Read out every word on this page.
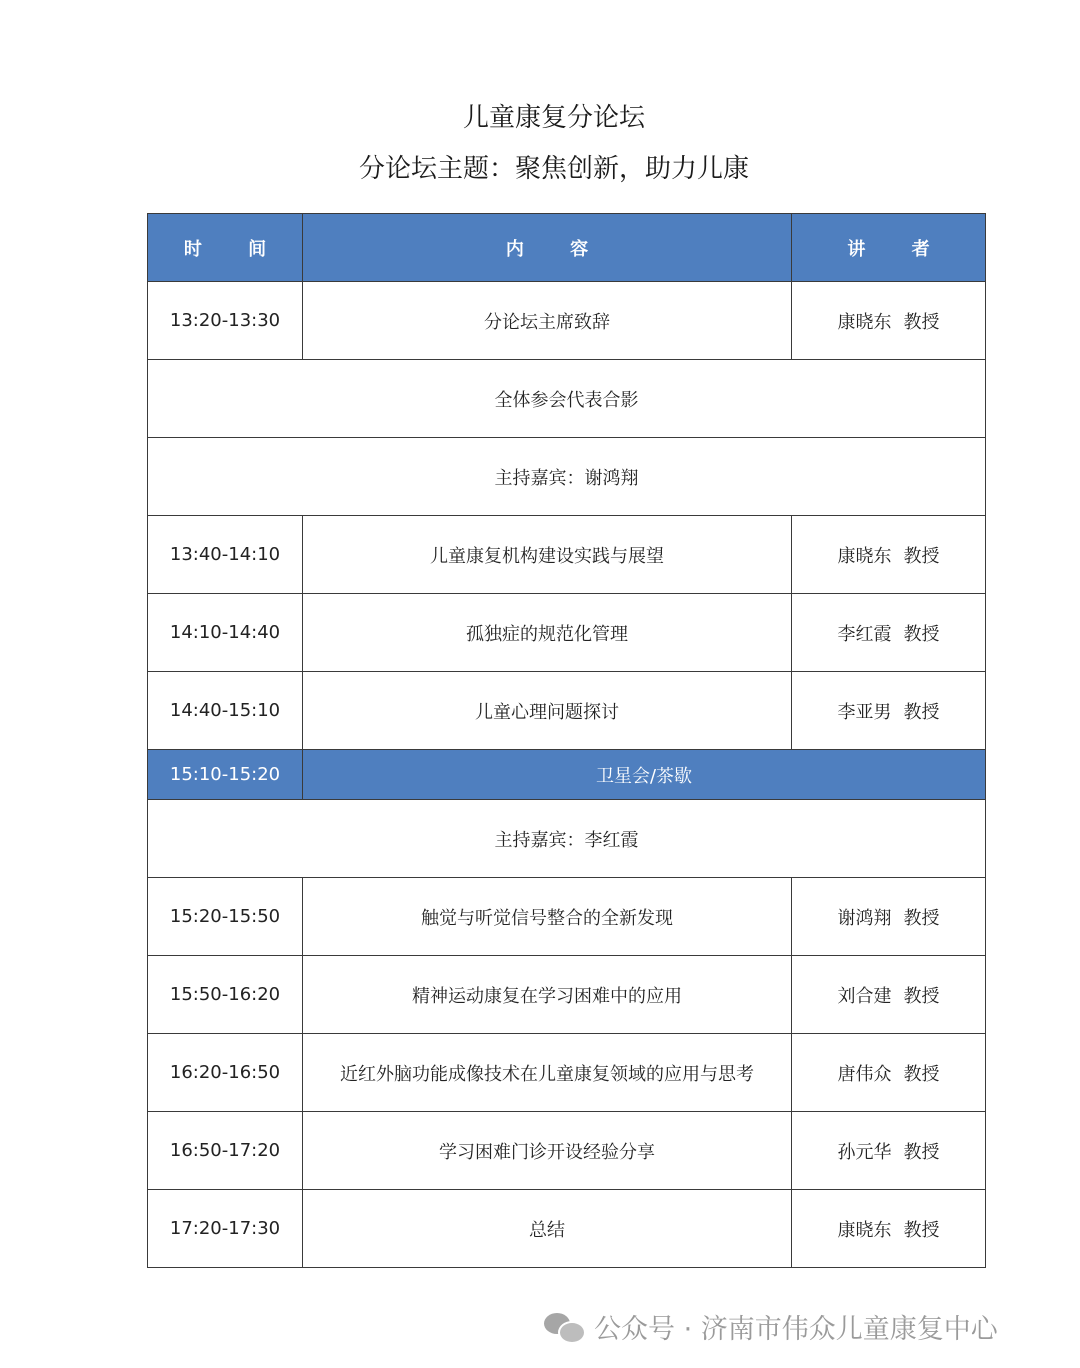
儿童康复分论坛
分论坛主题：聚焦创新，助力儿康
时 间	内 容	讲 者
13:20-13:30	分论坛主席致辞	康晓东 教授
全体参会代表合影		
主持嘉宾：谢鸿翔		
13:40-14:10	儿童康复机构建设实践与展望	康晓东 教授
14:10-14:40	孤独症的规范化管理	李红霞 教授
14:40-15:10	儿童心理问题探讨	李亚男 教授
15:10-15:20	卫星会/茶歇	
主持嘉宾：李红霞		
15:20-15:50	触觉与听觉信号整合的全新发现	谢鸿翔 教授
15:50-16:20	精神运动康复在学习困难中的应用	刘合建 教授
16:20-16:50	近红外脑功能成像技术在儿童康复领域的应用与思考	唐伟众 教授
16:50-17:20	学习困难门诊开设经验分享	孙元华 教授
17:20-17:30	总结	康晓东 教授
公众号 · 济南市伟众儿童康复中心
